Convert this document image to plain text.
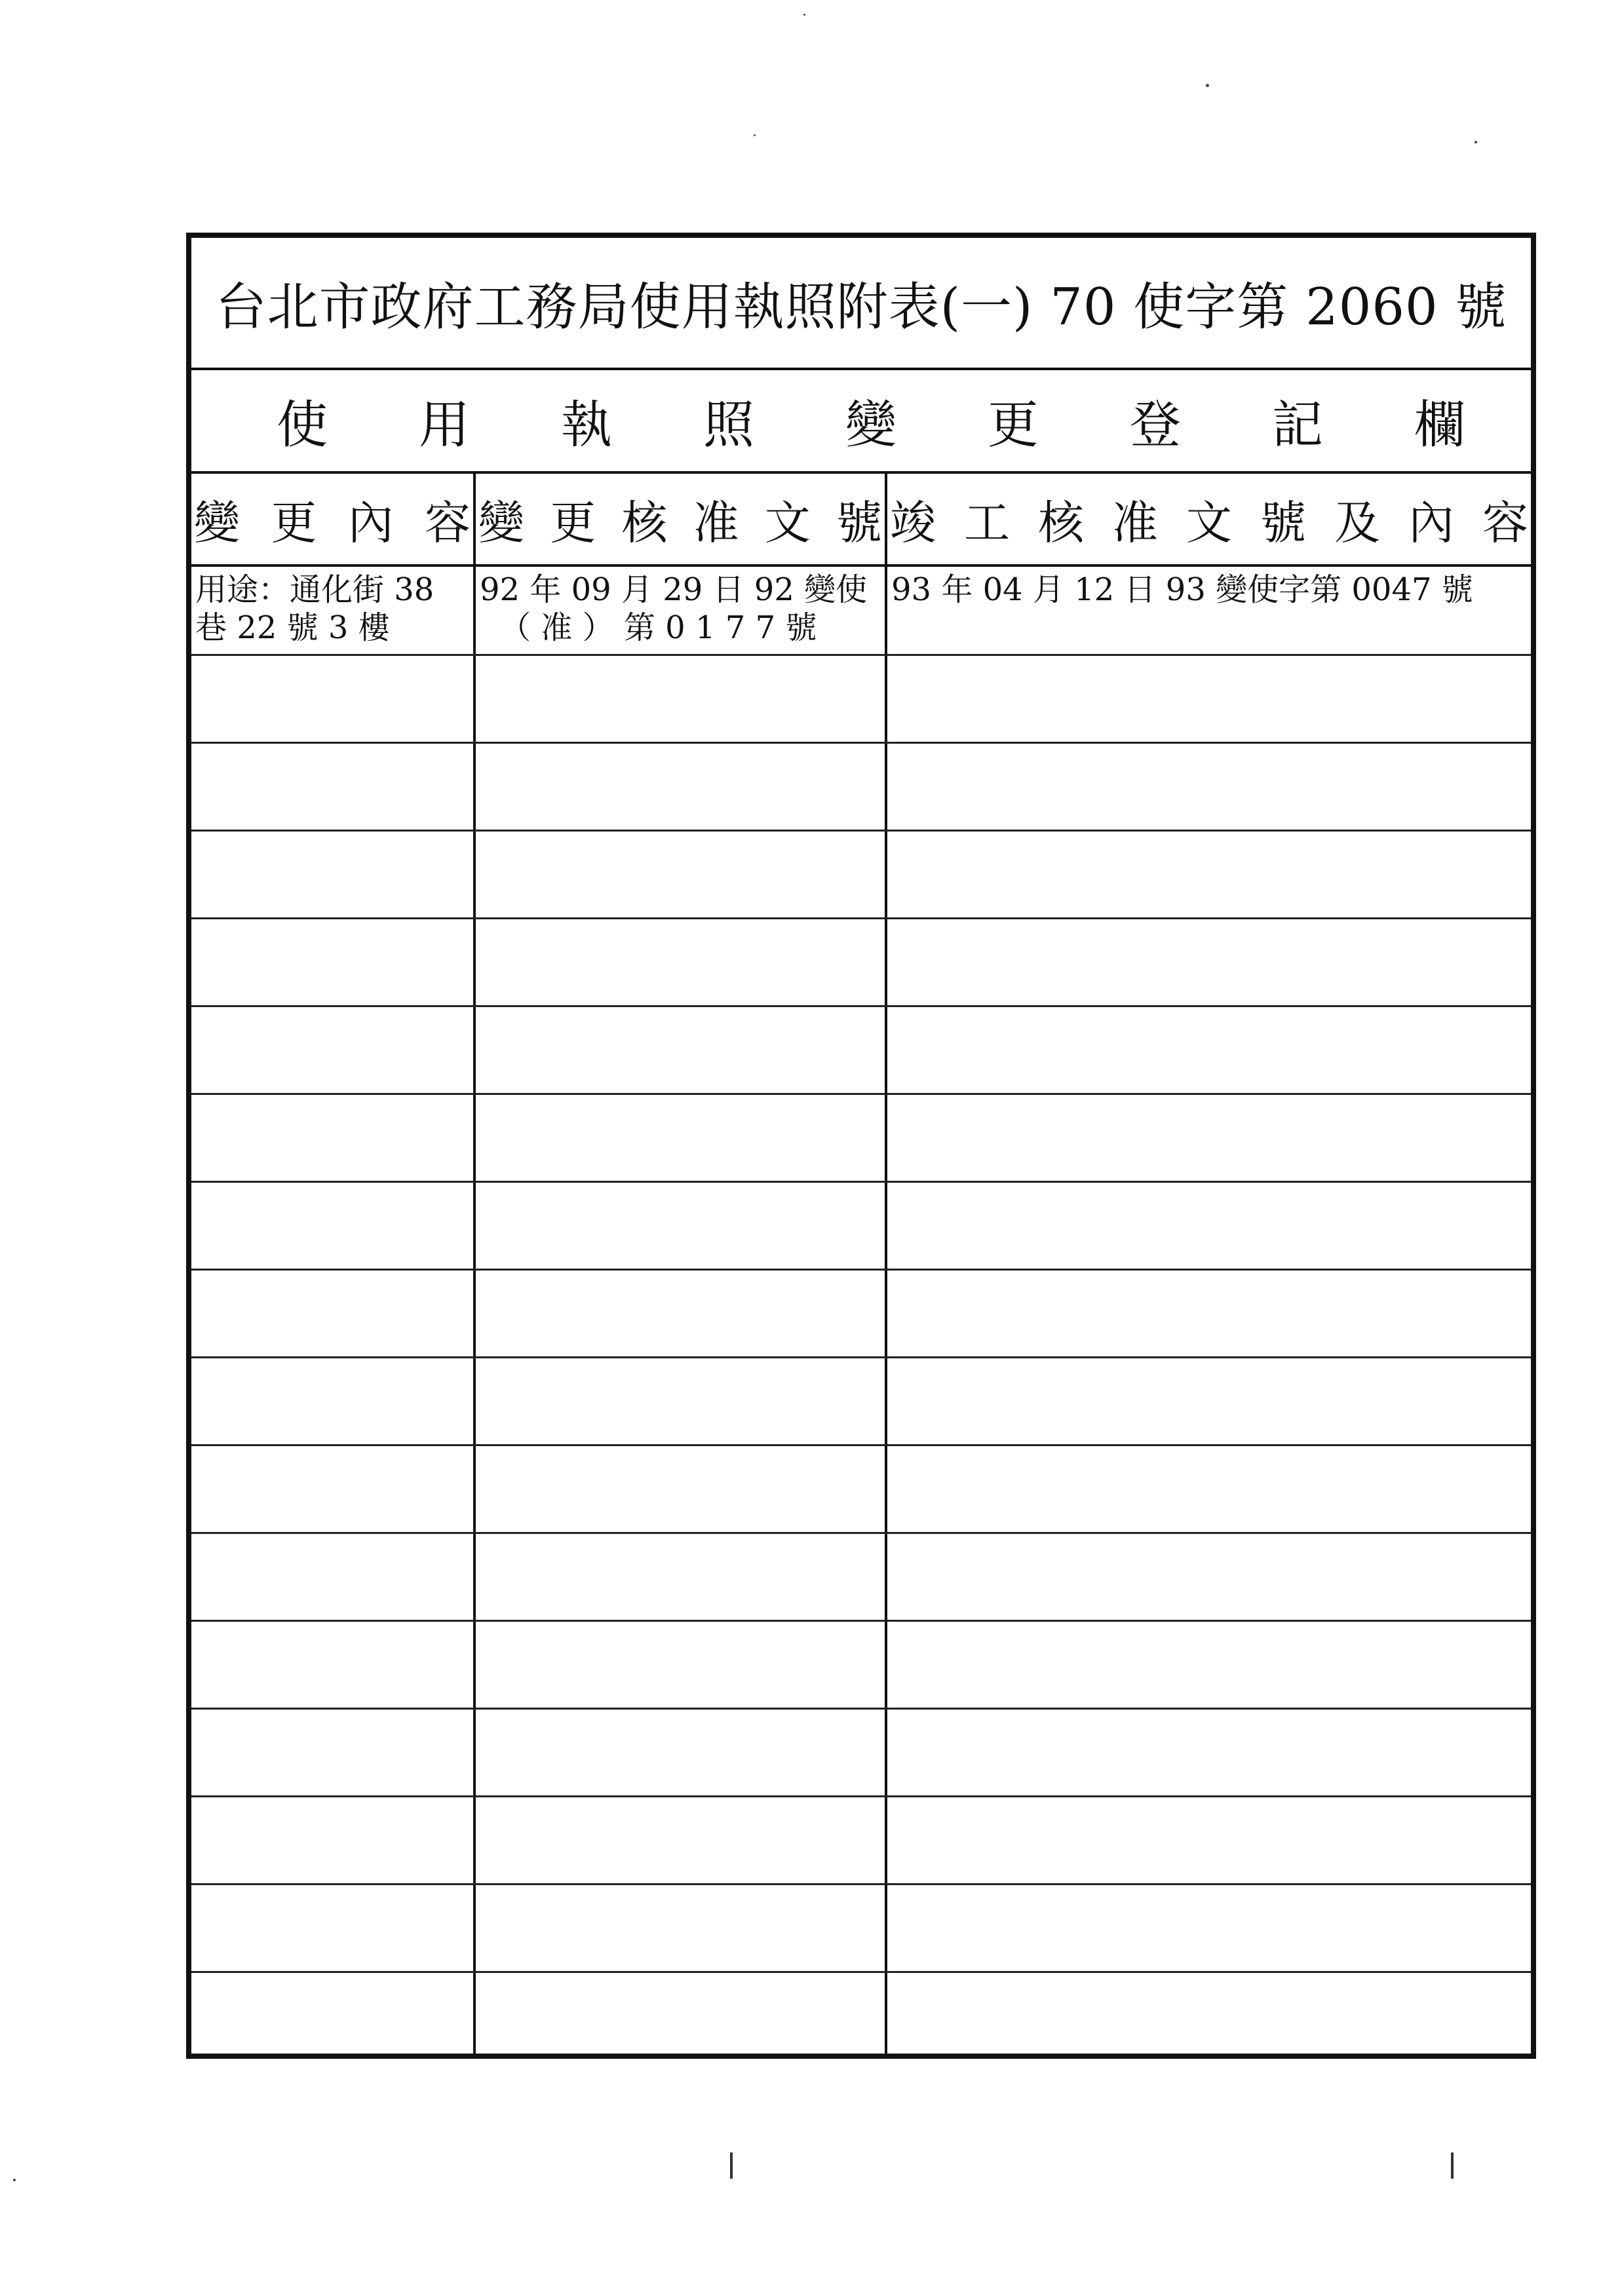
台北市政府工務局使用執照附表(一) 70 使字第 2060 號
使 用 執 照 變 更 登 記 欄
變 更 內 容 變 更 核 准 文 號 竣 工 核 准 文 號 及 內 容
用途：通化街 38
巷 22 號 3 樓
92 年 09 月 29 日 92 變使
（ 准 ） 第 0 1 7 7 號
93 年 04 月 12 日 93 變使字第 0047 號
